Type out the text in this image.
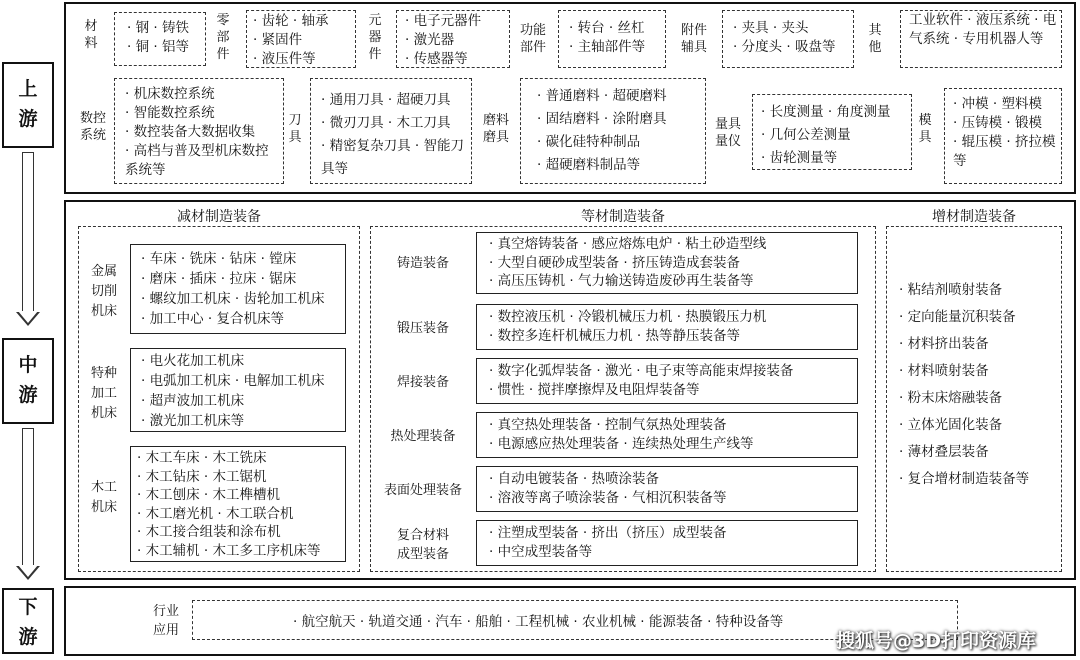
上
游
中
游
下
游
材
料
· 钢 · 铸铁
· 铜 · 铝等
零
部
件
· 齿轮 · 轴承
· 紧固件
· 液压件等
元
器
件
· 电子元器件
· 激光器
· 传感器等
功能
部件
· 转台 · 丝杠
· 主轴部件等
附件
辅具
· 夹具 · 夹头
· 分度头 · 吸盘等
其
他
工业软件 · 液压系统 · 电气系统 · 专用机器人等
数控
系统
· 机床数控系统
· 智能数控系统
· 数控装备大数据收集
· 高档与普及型机床数控系统等
刀
具
· 通用刀具 · 超硬刀具
· 微刃刀具 · 木工刀具
· 精密复杂刀具 · 智能刀具等
磨料
磨具
· 普通磨料 · 超硬磨料
· 固结磨料 · 涂附磨具
· 碳化硅特种制品
· 超硬磨料制品等
量具
量仪
· 长度测量 · 角度测量
· 几何公差测量
· 齿轮测量等
模
具
· 冲模 · 塑料模
· 压铸模 · 锻模
· 辊压模 · 挤拉模等
减材制造装备
金属
切削
机床
· 车床 · 铣床 · 钻床 · 镗床
· 磨床 · 插床 · 拉床 · 锯床
· 螺纹加工机床 · 齿轮加工机床
· 加工中心 · 复合机床等
特种
加工
机床
· 电火花加工机床
· 电弧加工机床 · 电解加工机床
· 超声波加工机床
· 激光加工机床等
木工
机床
· 木工车床 · 木工铣床
· 木工钻床 · 木工锯机
· 木工刨床 · 木工榫槽机
· 木工磨光机 · 木工联合机
· 木工接合组装和涂布机
· 木工辅机 · 木工多工序机床等
等材制造装备
铸造装备
· 真空熔铸装备 · 感应熔炼电炉 · 粘土砂造型线
· 大型自硬砂成型装备 · 挤压铸造成套装备
· 高压压铸机 · 气力输送铸造废砂再生装备等
锻压装备
· 数控液压机 · 冷锻机械压力机 · 热膜锻压力机
· 数控多连杆机械压力机 · 热等静压装备等
焊接装备
· 数字化弧焊装备 · 激光 · 电子束等高能束焊接装备
· 惯性 · 搅拌摩擦焊及电阻焊装备等
热处理装备
· 真空热处理装备 · 控制气氛热处理装备
· 电源感应热处理装备 · 连续热处理生产线等
表面处理装备
· 自动电镀装备 · 热喷涂装备
· 溶液等离子喷涂装备 · 气相沉积装备等
复合材料
成型装备
· 注塑成型装备 · 挤出（挤压）成型装备
· 中空成型装备等
· 粘结剂喷射装备
· 定向能量沉积装备
· 材料挤出装备
· 材料喷射装备
· 粉末床熔融装备
· 立体光固化装备
· 薄材叠层装备
· 复合增材制造装备等
增材制造装备
行业
应用
· 航空航天 · 轨道交通 · 汽车 · 船舶 · 工程机械 · 农业机械 · 能源装备 · 特种设备等
搜狐号@3D打印资源库
